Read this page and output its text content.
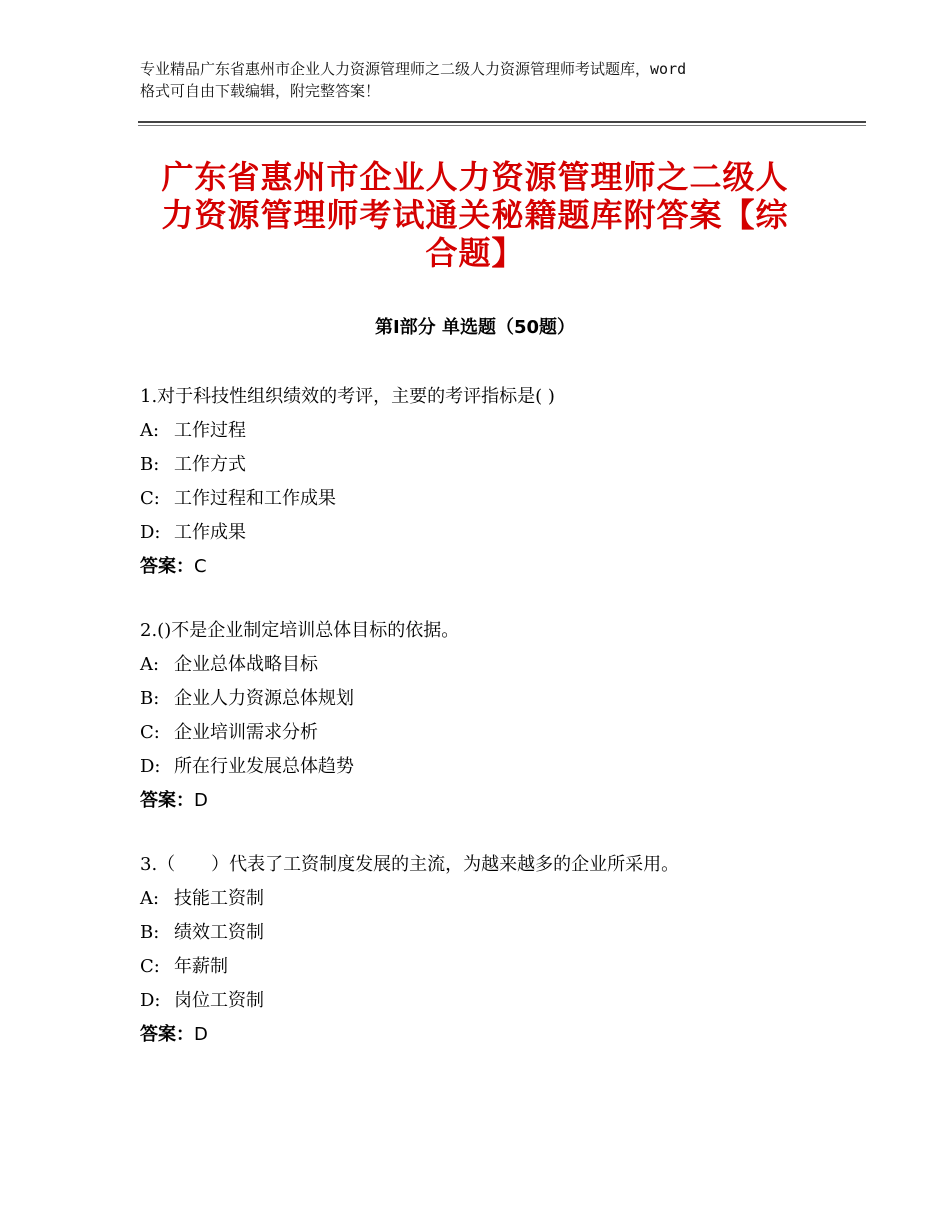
专业精品广东省惠州市企业人力资源管理师之二级人力资源管理师考试题库，word
格式可自由下载编辑，附完整答案！
广东省惠州市企业人力资源管理师之二级人
力资源管理师考试通关秘籍题库附答案【综
合题】
第Ⅰ部分 单选题（50题）
1.对于科技性组织绩效的考评，主要的考评指标是( )
A: 工作过程
B: 工作方式
C: 工作过程和工作成果
D: 工作成果
答案：C
2.()不是企业制定培训总体目标的依据。
A: 企业总体战略目标
B: 企业人力资源总体规划
C: 企业培训需求分析
D: 所在行业发展总体趋势
答案：D
3.（　　）代表了工资制度发展的主流，为越来越多的企业所采用。
A: 技能工资制
B: 绩效工资制
C: 年薪制
D: 岗位工资制
答案：D
